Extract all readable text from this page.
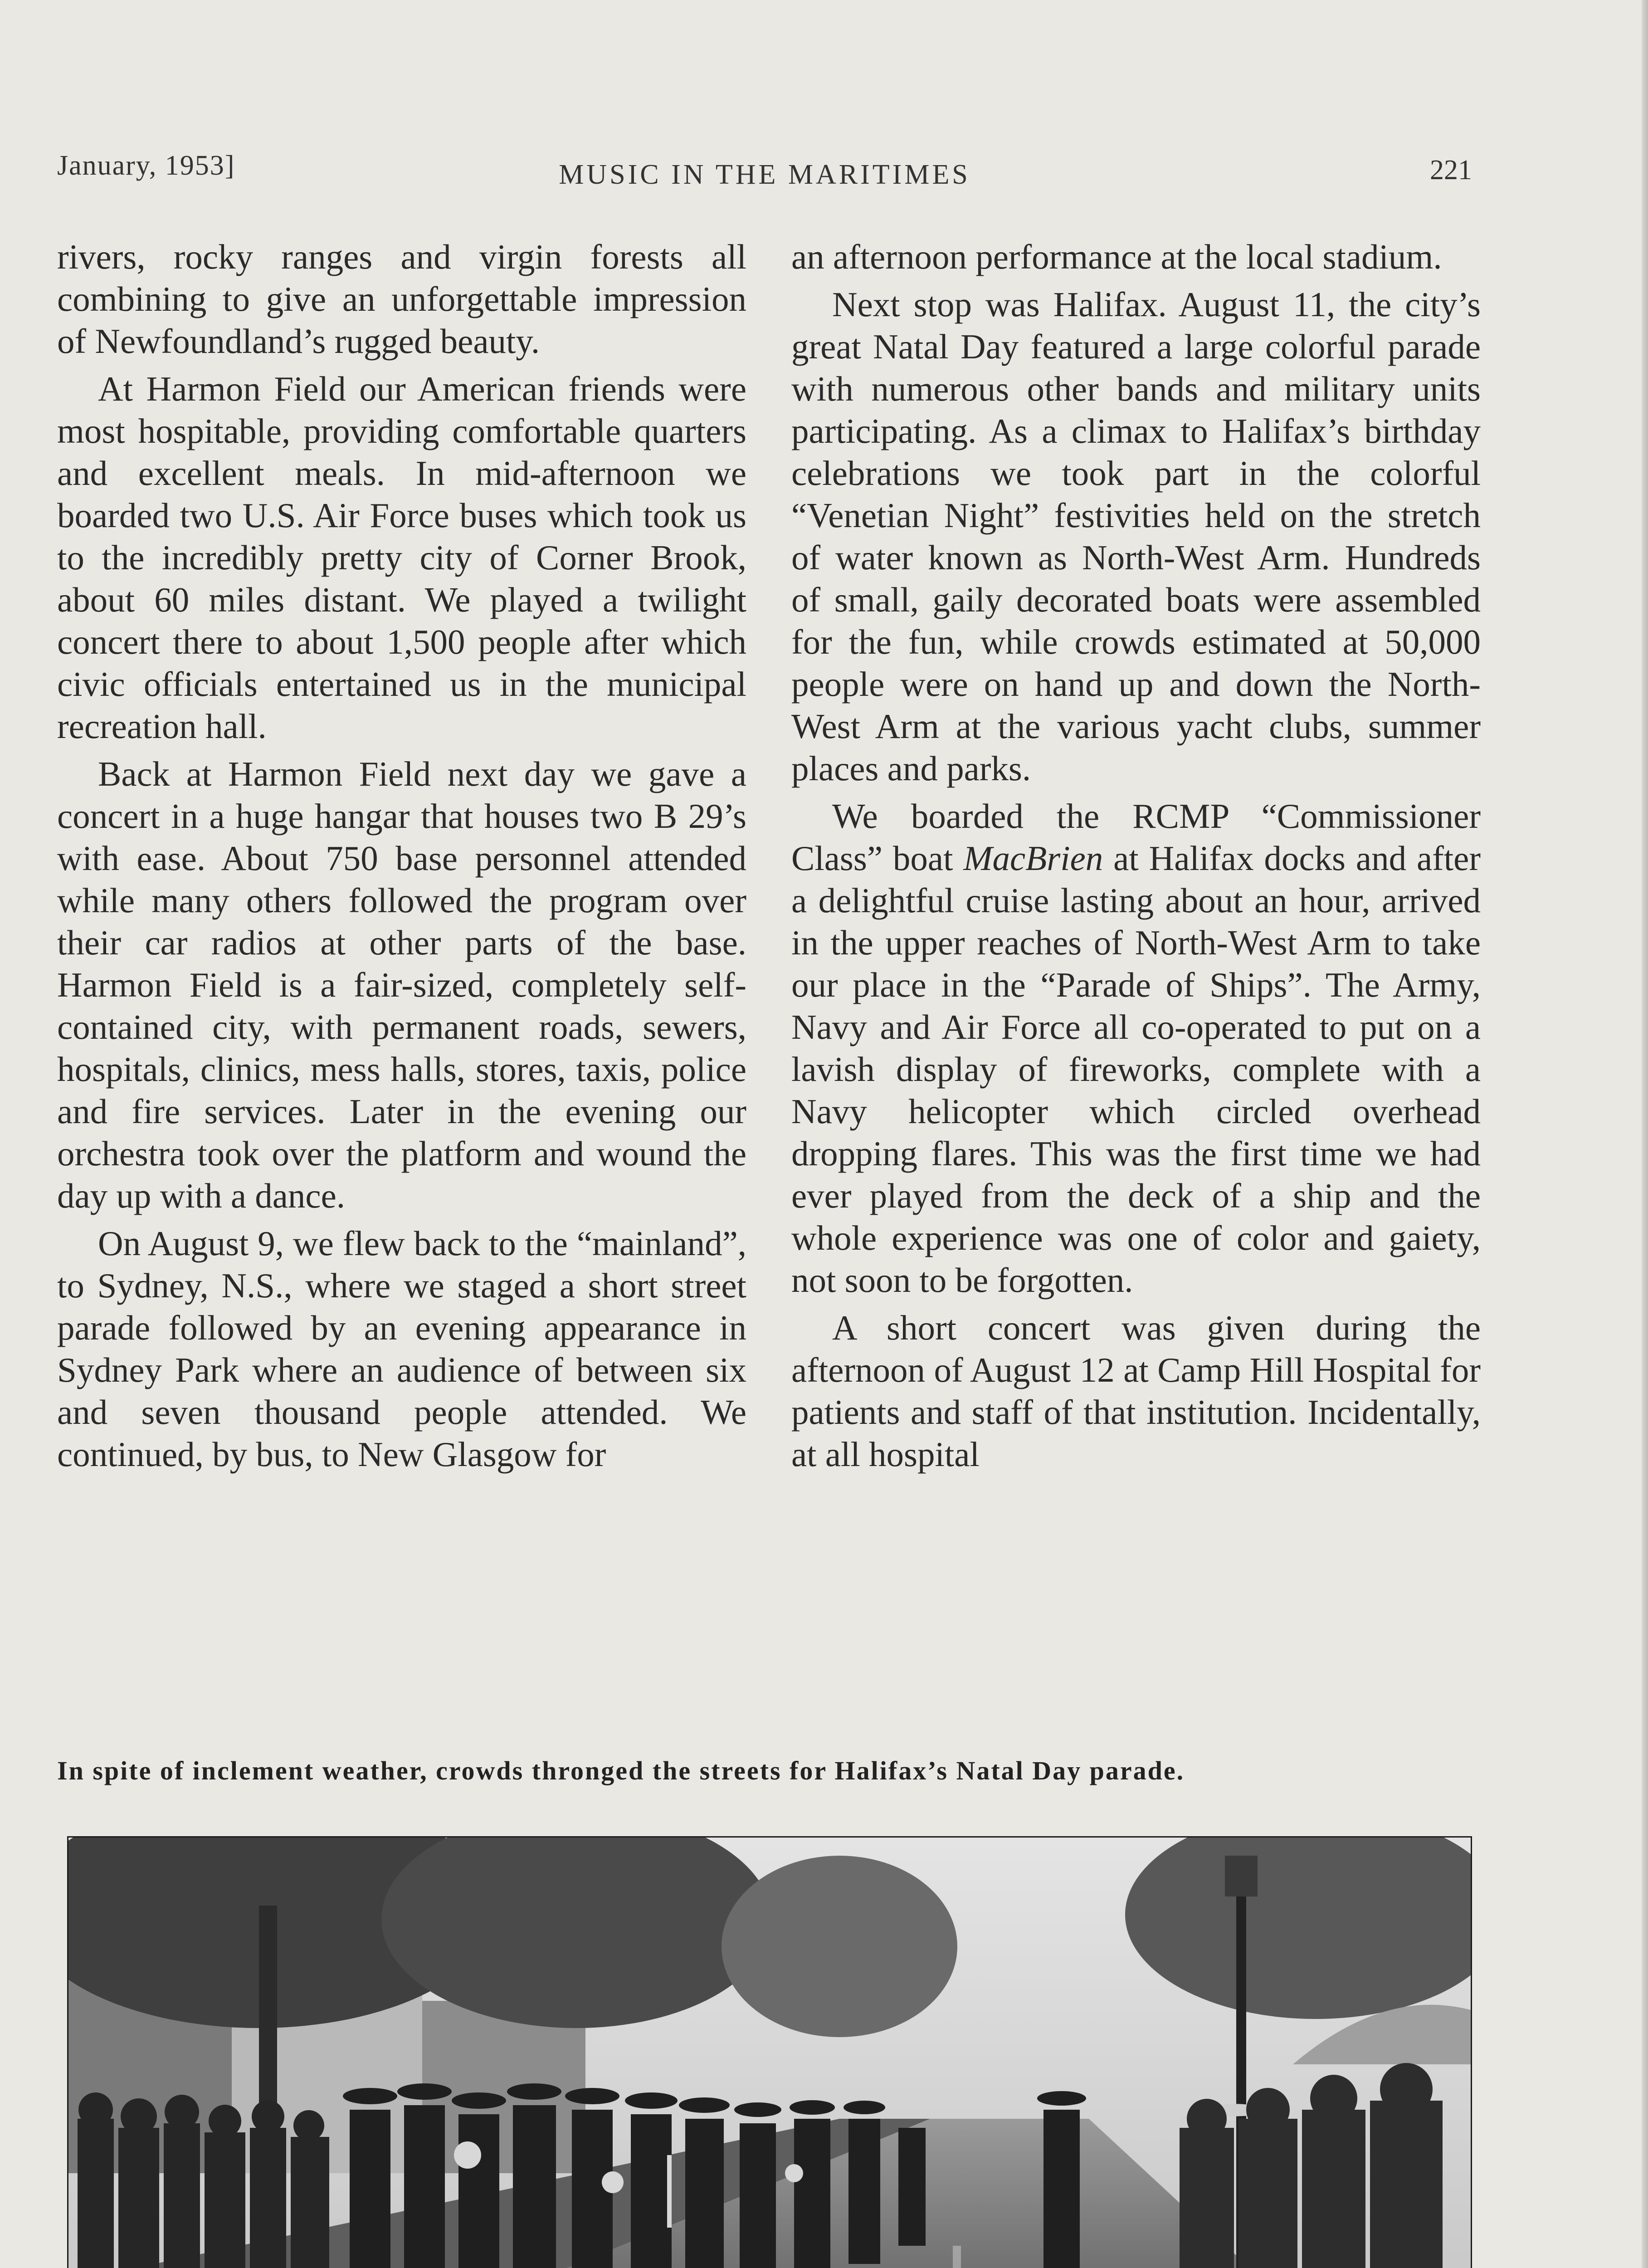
January, 1953]	MUSIC IN THE MARITIMES	221

rivers, rocky ranges and virgin forests all combining to give an unforgettable impression of Newfoundland’s rugged beauty.

At Harmon Field our American friends were most hospitable, providing comfortable quarters and excellent meals. In mid-afternoon we boarded two U.S. Air Force buses which took us to the incredibly pretty city of Corner Brook, about 60 miles distant. We played a twilight concert there to about 1,500 people after which civic officials entertained us in the municipal recreation hall.

Back at Harmon Field next day we gave a concert in a huge hangar that houses two B 29’s with ease. About 750 base personnel attended while many others followed the program over their car radios at other parts of the base. Harmon Field is a fair-sized, completely self-contained city, with permanent roads, sewers, hospitals, clinics, mess halls, stores, taxis, police and fire services. Later in the evening our orchestra took over the platform and wound the day up with a dance.

On August 9, we flew back to the “mainland”, to Sydney, N.S., where we staged a short street parade followed by an evening appearance in Sydney Park where an audience of between six and seven thousand people attended. We continued, by bus, to New Glasgow for

an afternoon performance at the local stadium.

Next stop was Halifax. August 11, the city’s great Natal Day featured a large colorful parade with numerous other bands and military units participating. As a climax to Halifax’s birthday celebrations we took part in the colorful “Venetian Night” festivities held on the stretch of water known as North-West Arm. Hundreds of small, gaily decorated boats were assembled for the fun, while crowds estimated at 50,000 people were on hand up and down the North-West Arm at the various yacht clubs, summer places and parks.

We boarded the RCMP “Commissioner Class” boat MacBrien at Halifax docks and after a delightful cruise lasting about an hour, arrived in the upper reaches of North-West Arm to take our place in the “Parade of Ships”. The Army, Navy and Air Force all co-operated to put on a lavish display of fireworks, complete with a Navy helicopter which circled overhead dropping flares. This was the first time we had ever played from the deck of a ship and the whole experience was one of color and gaiety, not soon to be forgotten.

A short concert was given during the afternoon of August 12 at Camp Hill Hospital for patients and staff of that institution. Incidentally, at all hospital

In spite of inclement weather, crowds thronged the streets for Halifax’s Natal Day parade.
